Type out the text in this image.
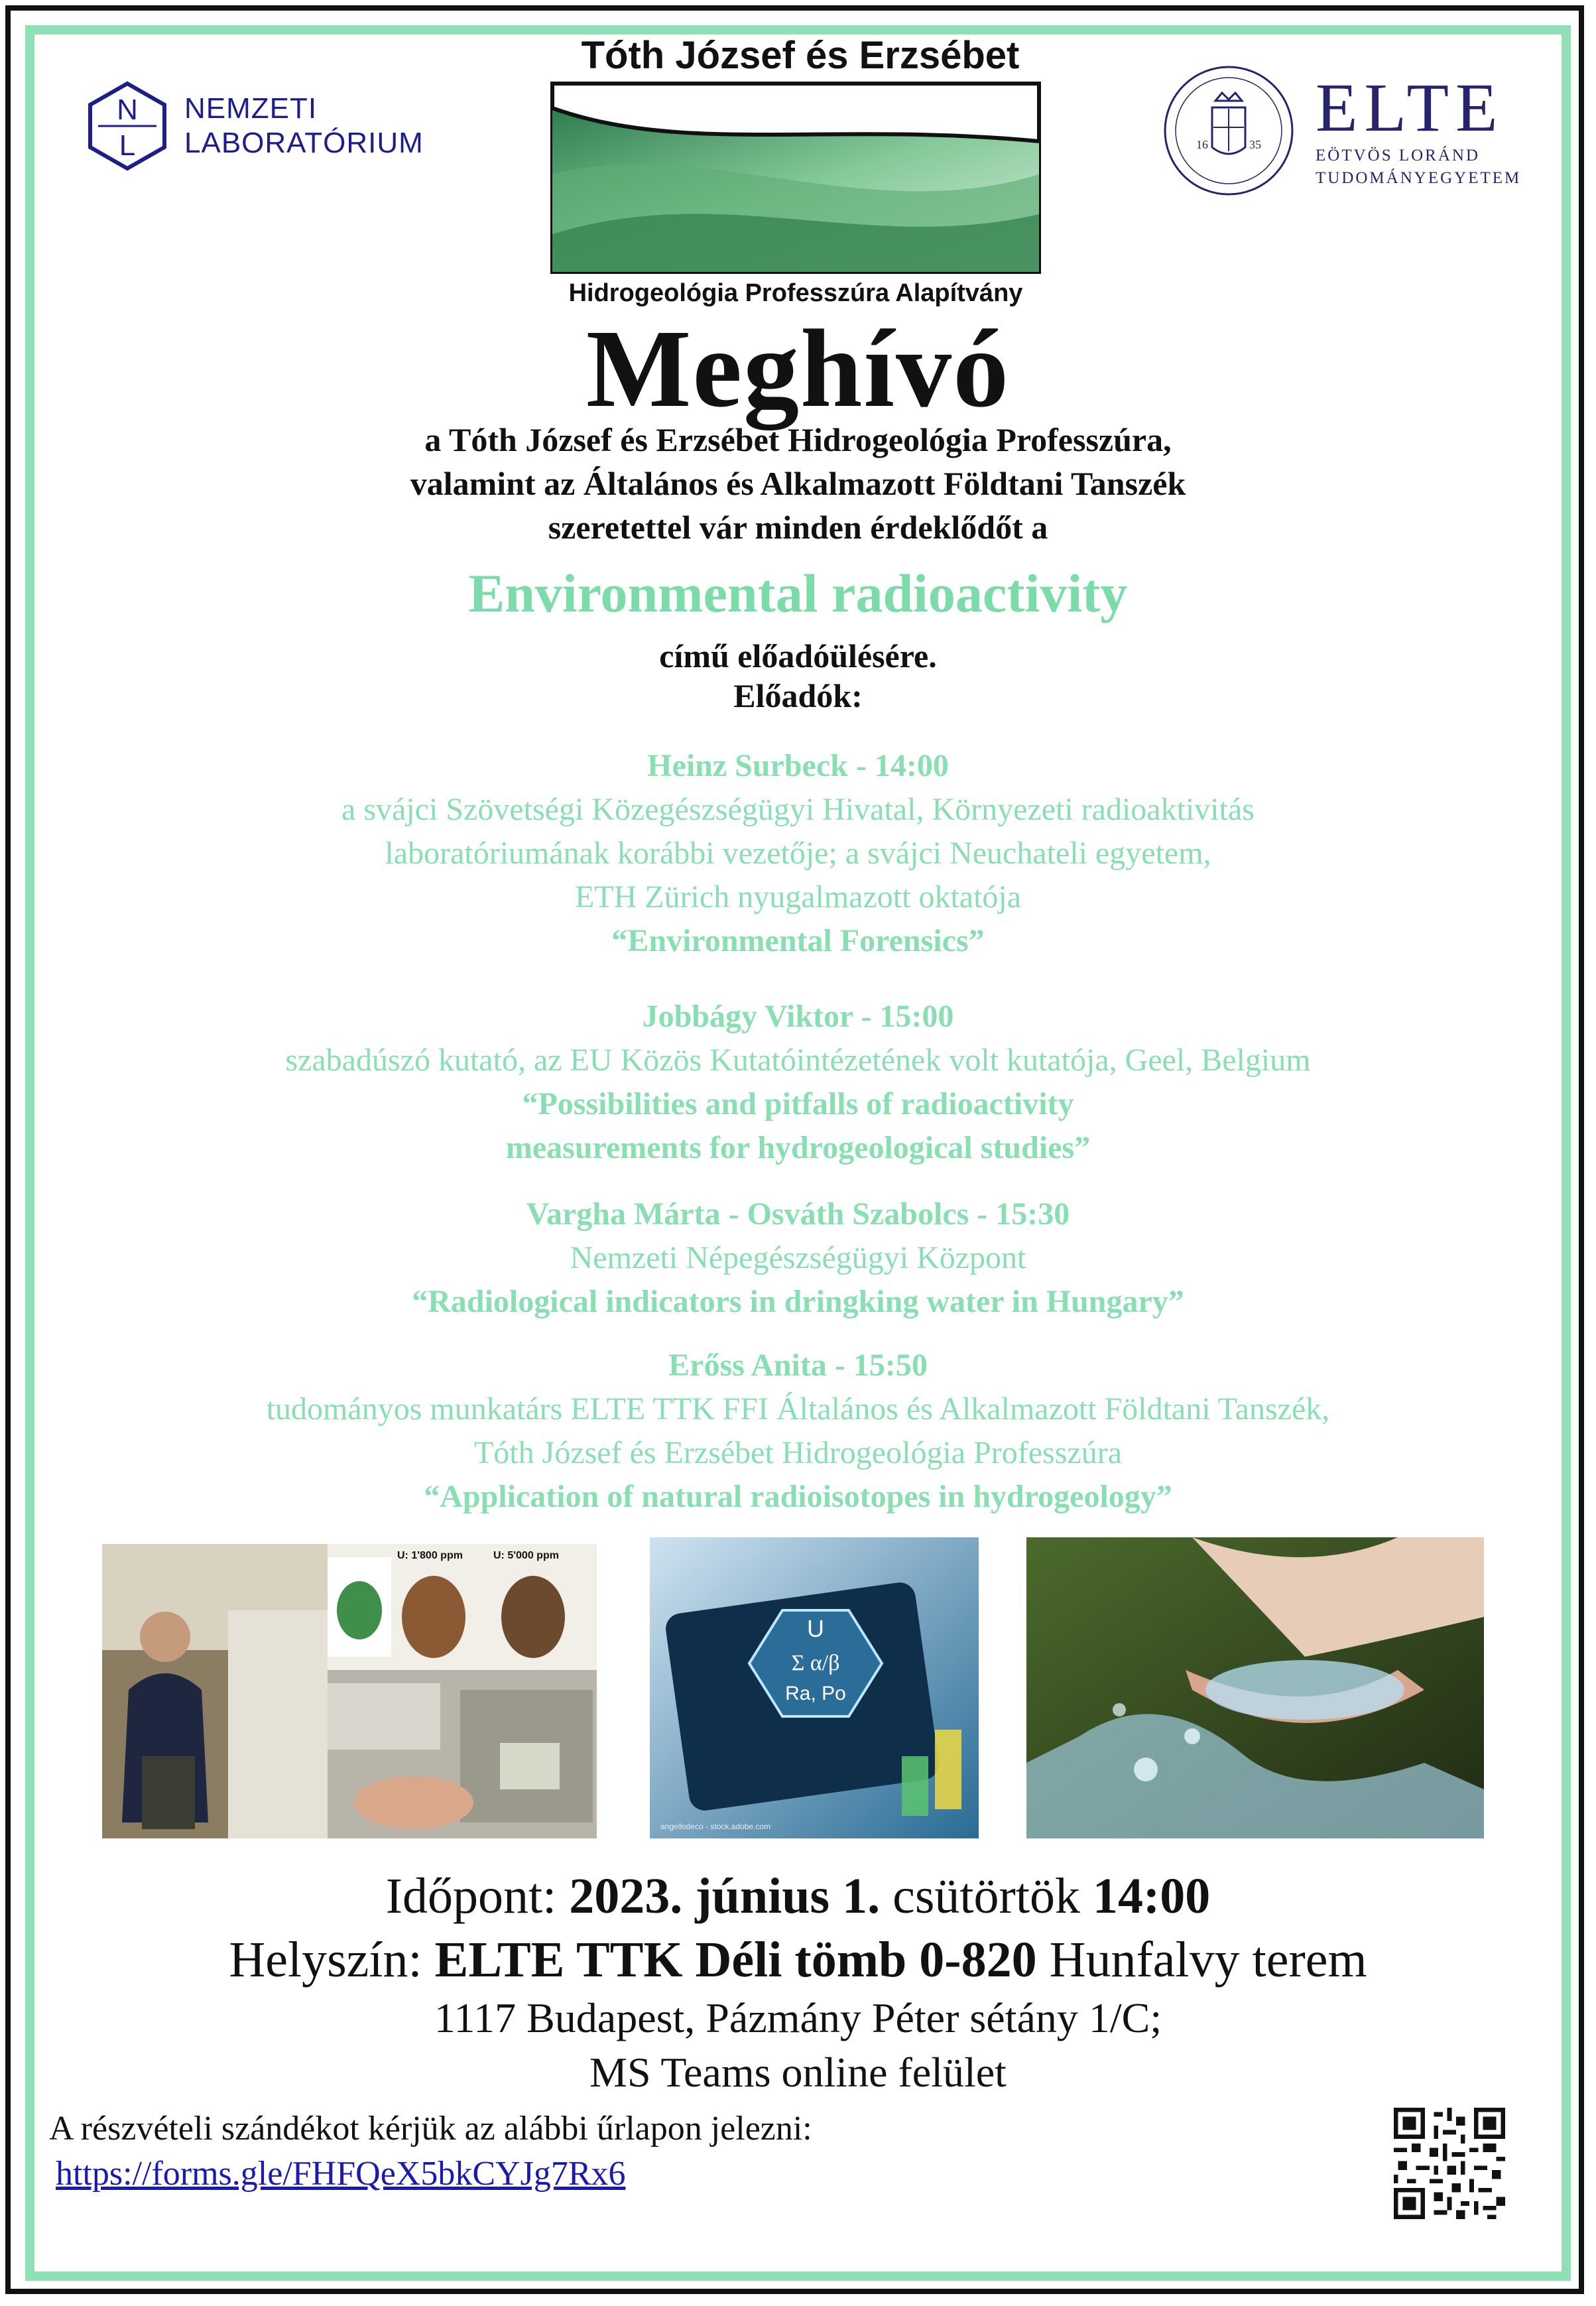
N
L
NEMZETI
LABORATÓRIUM
Tóth József és Erzsébet
Hidrogeológia Professzúra Alapítvány
16	35 ELTE
EÖTVÖS LORÁND
TUDOMÁNYEGYETEM
Meghívó
a Tóth József és Erzsébet Hidrogeológia Professzúra,
valamint az Általános és Alkalmazott Földtani Tanszék
szeretettel vár minden érdeklődőt a
Environmental radioactivity
című előadóülésére.
Előadók:
Heinz Surbeck - 14:00
a svájci Szövetségi Közegészségügyi Hivatal, Környezeti radioaktivitás
laboratóriumának korábbi vezetője; a svájci Neuchateli egyetem,
ETH Zürich nyugalmazott oktatója
“Environmental Forensics”
Jobbágy Viktor - 15:00
szabadúszó kutató, az EU Közös Kutatóintézetének volt kutatója, Geel, Belgium
“Possibilities and pitfalls of radioactivity
measurements for hydrogeological studies”
Vargha Márta - Osváth Szabolcs - 15:30
Nemzeti Népegészségügyi Központ
“Radiological indicators in dringking water in Hungary”
Erőss Anita - 15:50
tudományos munkatárs ELTE TTK FFI Általános és Alkalmazott Földtani Tanszék,
Tóth József és Erzsébet Hidrogeológia Professzúra
“Application of natural radioisotopes in hydrogeology”
U: 1'800 ppm	U: 5'000 ppm
U
Σ α/β
Ra, Po
angellodeco - stock.adobe.com
Időpont: 2023. június 1. csütörtök 14:00
Helyszín: ELTE TTK Déli tömb 0-820 Hunfalvy terem
1117 Budapest, Pázmány Péter sétány 1/C;
MS Teams online felület
A részvételi szándékot kérjük az alábbi űrlapon jelezni:
https://forms.gle/FHFQeX5bkCYJg7Rx6
